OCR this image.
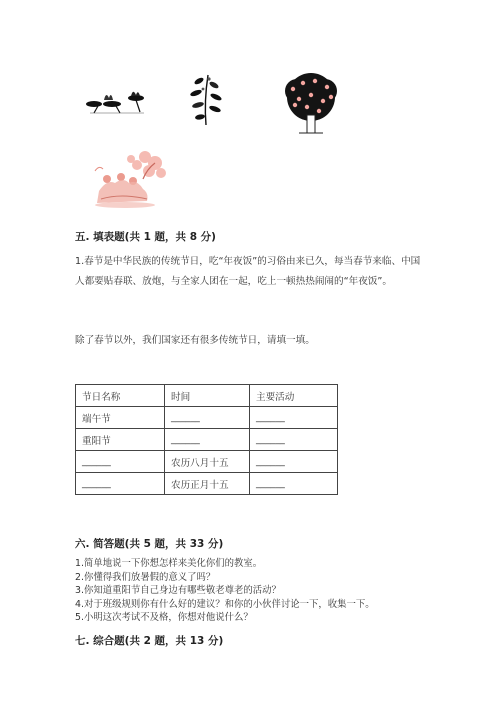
五. 填表题(共 1 题，共 8 分)
1.春节是中华民族的传统节日，吃“年夜饭”的习俗由来已久，每当春节来临、中国人都要贴春联、放炮，与全家人团在一起，吃上一顿热热闹闹的“年夜饭”。
除了春节以外，我们国家还有很多传统节日，请填一填。
节日名称	时间	主要活动
端午节	______	______
重阳节	______	______
______	农历八月十五	______
______	农历正月十五	______
六. 简答题(共 5 题，共 33 分)
1.简单地说一下你想怎样来美化你们的教室。
2.你懂得我们放暑假的意义了吗？
3.你知道重阳节自己身边有哪些敬老尊老的活动？
4.对于班级规则你有什么好的建议？和你的小伙伴讨论一下，收集一下。
5.小明这次考试不及格，你想对他说什么？
七. 综合题(共 2 题，共 13 分)
